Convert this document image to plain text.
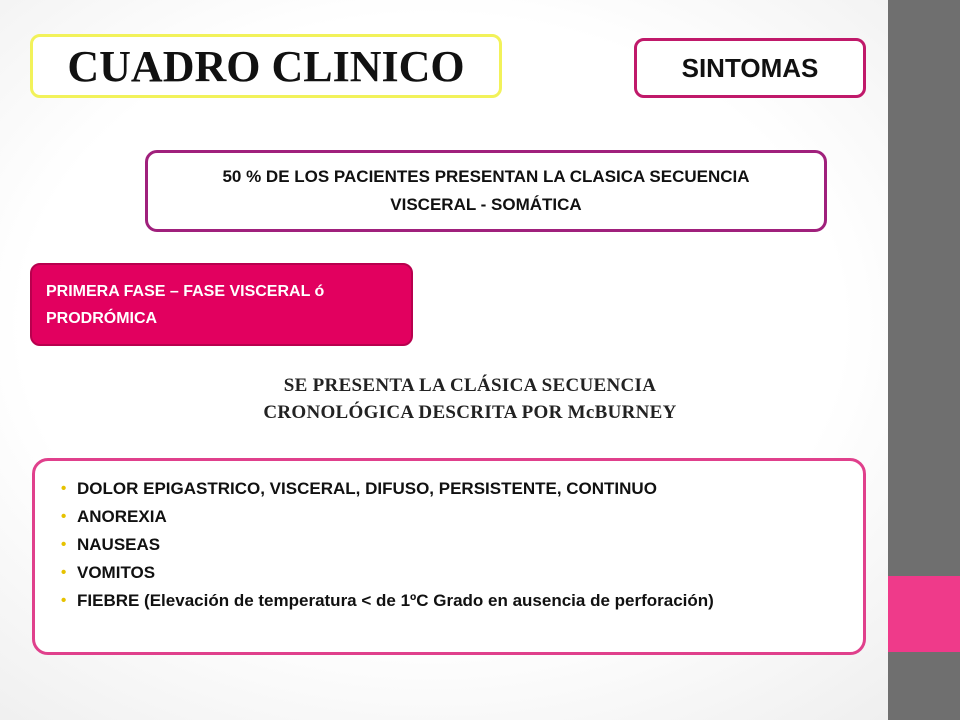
CUADRO CLINICO	SINTOMAS
50 % DE LOS PACIENTES PRESENTAN LA CLASICA SECUENCIA
VISCERAL - SOMÁTICA
PRIMERA FASE – FASE VISCERAL ó
PRODRÓMICA
SE PRESENTA LA CLÁSICA SECUENCIA
CRONOLÓGICA DESCRITA POR McBURNEY
• DOLOR EPIGASTRICO, VISCERAL, DIFUSO, PERSISTENTE, CONTINUO
• ANOREXIA
• NAUSEAS
• VOMITOS
• FIEBRE (Elevación de temperatura < de 1ºC Grado en ausencia de perforación)
